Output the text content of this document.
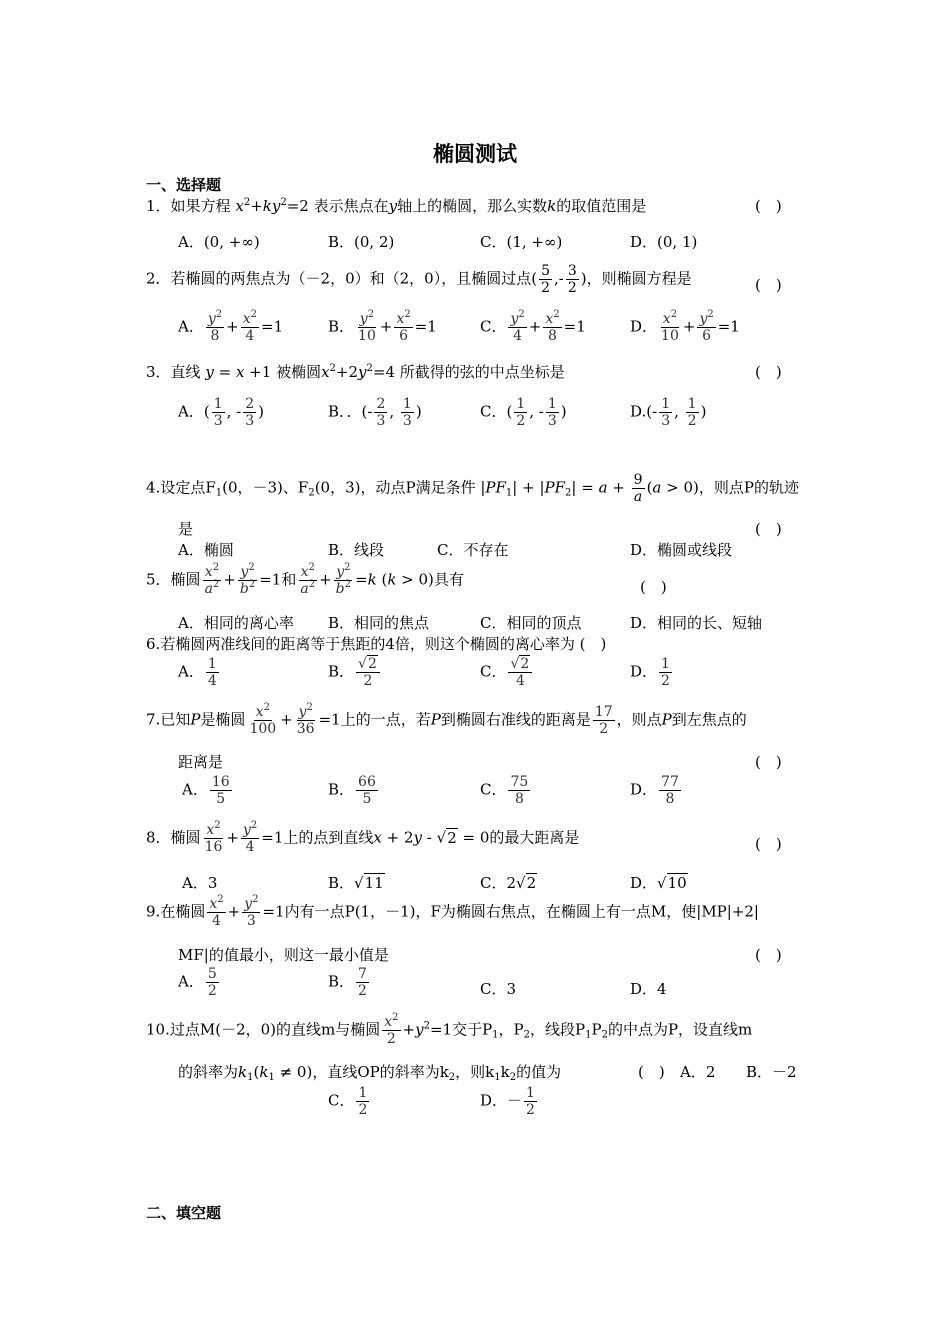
椭圆测试
一、选择题
1．如果方程 $x^2+ky^2=2$ 表示焦点在y轴上的椭圆，那么实数k的取值范围是	(　)
A．(0, +∞)	B．(0, 2)	C．(1, +∞)	D．(0, 1)
2．若椭圆的两焦点为（－2，0）和（2，0），且椭圆过点( $\frac{5}{2}$ ,- $\frac{3}{2}$ )，则椭圆方程是	(　)
A． $\frac{y^2}{8} + \frac{x^2}{4} =1$	B． $\frac{y^2}{10} + \frac{x^2}{6} =1$	C． $\frac{y^2}{4} + \frac{x^2}{8} =1$	D． $\frac{x^2}{10} + \frac{y^2}{6} =1$
3．直线 y = x +1 被椭圆$x^2+2y^2=4$ 所截得的弦的中点坐标是	(　)
A．( $\frac{1}{3}$ , - $\frac{2}{3}$ )	B．．(- $\frac{2}{3}$ , $\frac{1}{3}$ )	C．( $\frac{1}{2}$ , - $\frac{1}{3}$ )	$D.(- \frac{1}{3}$ , $\frac{1}{2}$ )
4.设定点$F_1(0$，－3)、$F_2(0$，3)，动点P满足条件 $|PF_1| + |PF_2| = a + \frac{9}{a} (a > 0)$，则点P的轨迹
是	(　)
A．椭圆	B．线段	C．不存在	D．椭圆或线段
5．椭圆 $\frac{x^2}{a^2} + \frac{y^2}{b^2} =1$和 $\frac{x^2}{a^2} + \frac{y^2}{b^2} =k$ (k > 0)具有	(　)
A．相同的离心率 B．相同的焦点	C．相同的顶点	D．相同的长、短轴
6.若椭圆两准线间的距离等于焦距的4倍，则这个椭圆的离心率为 (　)
A． $\frac{1}{4}$	B． $\frac{√2}{2}$	C． $\frac{√2}{4}$	D． $\frac{1}{2}$
7.已知P是椭圆 $\frac{x^2}{100} + \frac{y^2}{36} =1$上的一点，若P到椭圆右准线的距离是 $\frac{17}{2}$ ，则点P到左焦点的
距离是	(　)
A． $\frac{16}{5}$	B． $\frac{66}{5}$	C． $\frac{75}{8}$	D． $\frac{77}{8}$
8．椭圆 $\frac{x^2}{16} + \frac{y^2}{4} =1$上的点到直线x + 2y - √2 = 0的最大距离是	(　)
A．3	B．√11	C．2√2	D．√10
9.在椭圆 $\frac{x^2}{4} + \frac{y^2}{3} =1$内有一点P(1，－1)，F为椭圆右焦点，在椭圆上有一点M，使|MP|+2|
MF|的值最小，则这一最小值是	(　)
A． $\frac{5}{2}$	B． $\frac{7}{2}$	C．3	D．4
10.过点M(－2，0)的直线m与椭圆 $\frac{x^2}{2} +y^2=1$交于$P_1$，$P_2$，线段$P_1P_2$的中点为P，设直线m
的斜率为$k_1(k_1 \ne 0)$，直线OP的斜率为$k_2$，则$k_1k_2$的值为	(　) A．2 B．－2
C． $\frac{1}{2}$	D．－ $\frac{1}{2}$
二、填空题
